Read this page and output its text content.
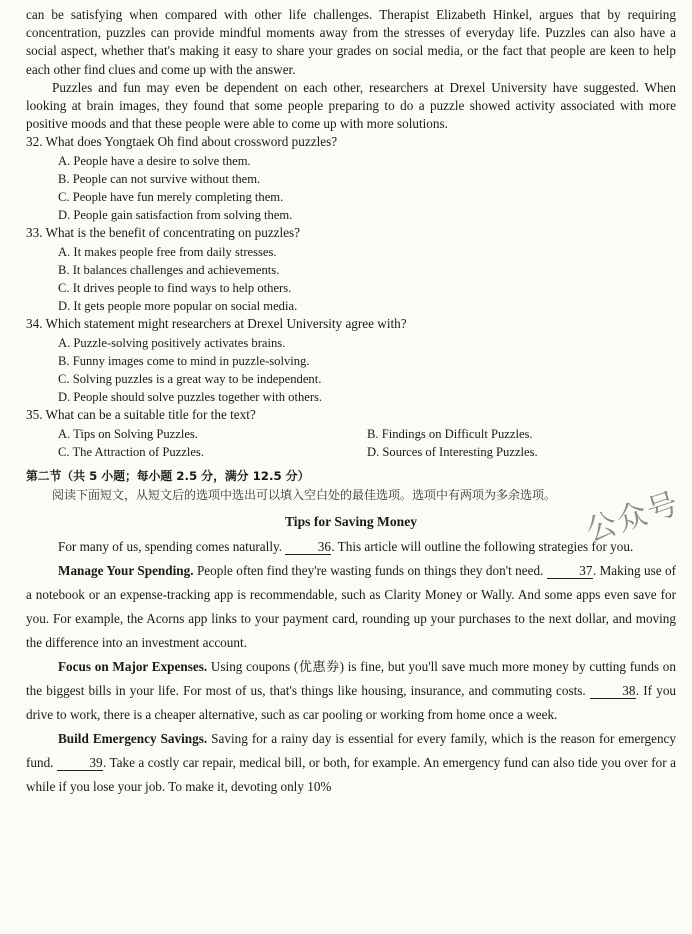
can be satisfying when compared with other life challenges. Therapist Elizabeth Hinkel, argues that by requiring concentration, puzzles can provide mindful moments away from the stresses of everyday life. Puzzles can also have a social aspect, whether that's making it easy to share your grades on social media, or the fact that people are keen to help each other find clues and come up with the answer.

Puzzles and fun may even be dependent on each other, researchers at Drexel University have suggested. When looking at brain images, they found that some people preparing to do a puzzle showed activity associated with more positive moods and that these people were able to come up with more solutions.

32. What does Yongtaek Oh find about crossword puzzles?

A. People have a desire to solve them.

B. People can not survive without them.

C. People have fun merely completing them.

D. People gain satisfaction from solving them.

33. What is the benefit of concentrating on puzzles?

A. It makes people free from daily stresses.

B. It balances challenges and achievements.

C. It drives people to find ways to help others.

D. It gets people more popular on social media.

34. Which statement might researchers at Drexel University agree with?

A. Puzzle-solving positively activates brains.

B. Funny images come to mind in puzzle-solving.

C. Solving puzzles is a great way to be independent.

D. People should solve puzzles together with others.

35. What can be a suitable title for the text?

A. Tips on Solving Puzzles.	B. Findings on Difficult Puzzles.
C. The Attraction of Puzzles.	D. Sources of Interesting Puzzles.

第二节（共 5 小题；每小题 2.5 分，满分 12.5 分）

阅读下面短文，从短文后的选项中选出可以填入空白处的最佳选项。选项中有两项为多余选项。

Tips for Saving Money

For many of us, spending comes naturally.	36. This article will outline the following strategies for you.

Manage Your Spending. People often find they're wasting funds on things they don't need.	37. Making use of a notebook or an expense-tracking app is recommendable, such as Clarity Money or Wally. And some apps even save for you. For example, the Acorns app links to your payment card, rounding up your purchases to the next dollar, and moving the difference into an investment account.

Focus on Major Expenses. Using coupons (优惠券) is fine, but you'll save much more money by cutting funds on the biggest bills in your life. For most of us, that's things like housing, insurance, and commuting costs.	38. If you drive to work, there is a cheaper alternative, such as car pooling or working from home once a week.

Build Emergency Savings. Saving for a rainy day is essential for every family, which is the reason for emergency fund.	39. Take a costly car repair, medical bill, or both, for example. An emergency fund can also tide you over for a while if you lose your job. To make it, devoting only 10%

公众号
